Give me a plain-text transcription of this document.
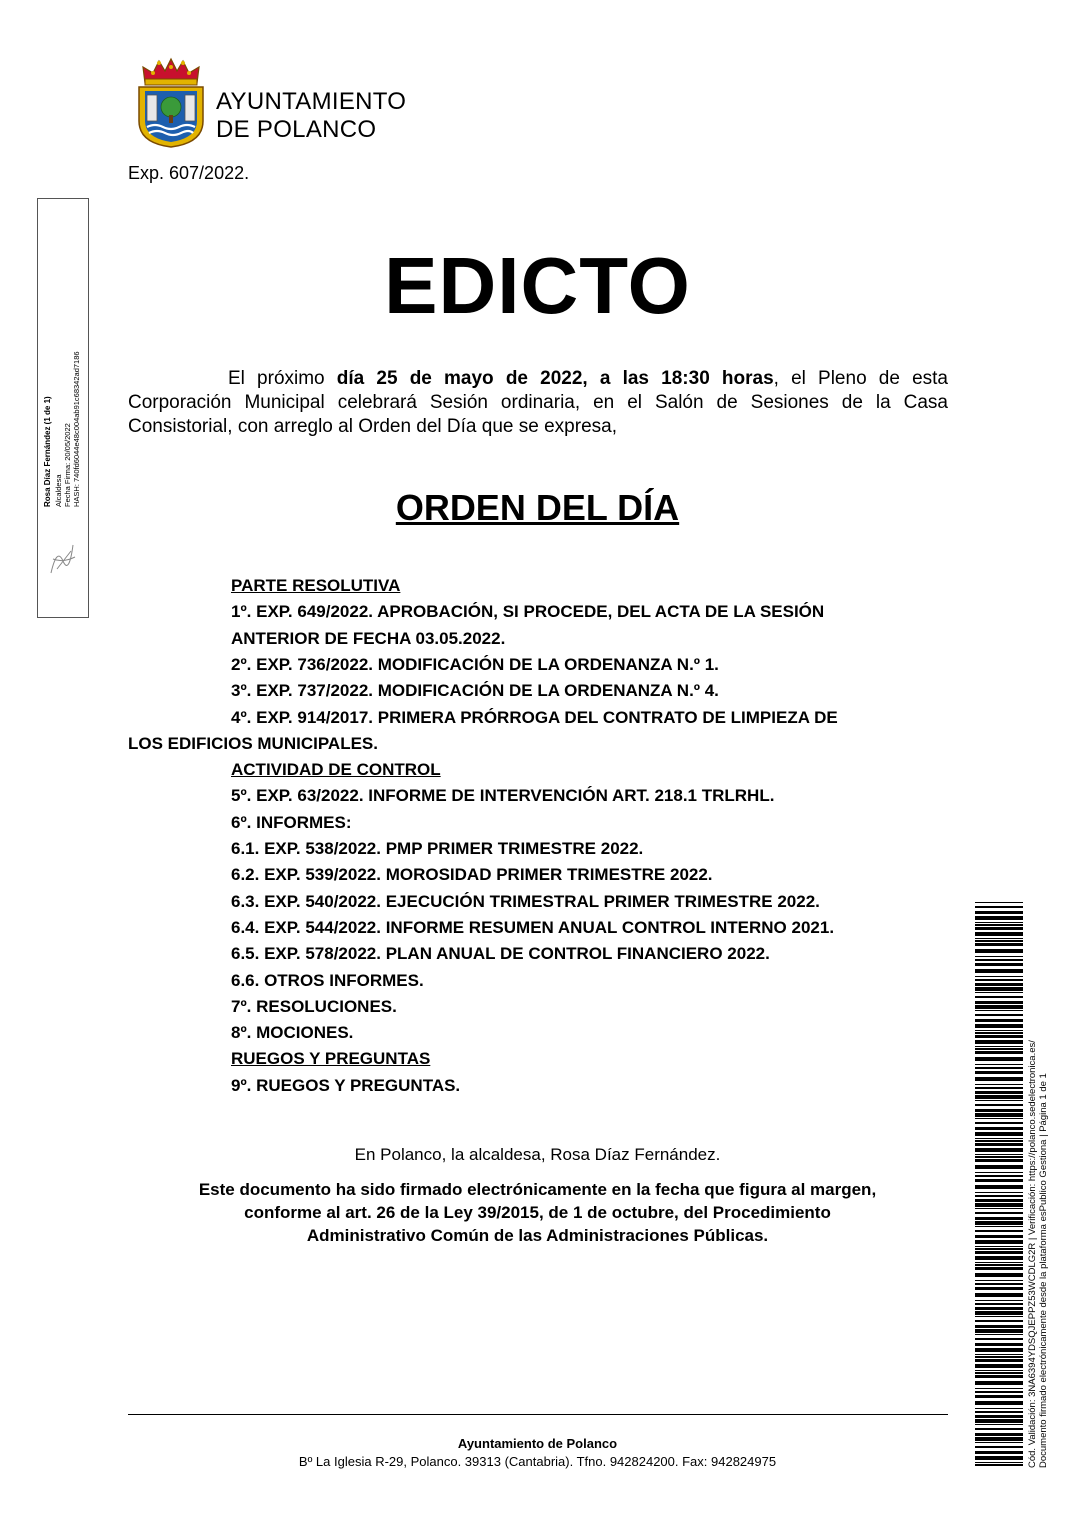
AYUNTAMIENTO
DE POLANCO
Exp. 607/2022.
Rosa Díaz Fernández (1 de 1) Alcaldesa Fecha Firma: 20/05/2022 HASH: 740fd6044e48c004ab91c68342ad7186
EDICTO
El próximo día 25 de mayo de 2022, a las 18:30 horas, el Pleno de esta Corporación Municipal celebrará Sesión ordinaria, en el Salón de Sesiones de la Casa Consistorial, con arreglo al Orden del Día que se expresa,
ORDEN DEL DÍA
PARTE RESOLUTIVA
1º. EXP. 649/2022. APROBACIÓN, SI PROCEDE, DEL ACTA DE LA SESIÓN
ANTERIOR DE FECHA 03.05.2022.
2º. EXP. 736/2022. MODIFICACIÓN DE LA ORDENANZA N.º 1.
3º. EXP. 737/2022. MODIFICACIÓN DE LA ORDENANZA N.º 4.
4º. EXP. 914/2017. PRIMERA PRÓRROGA DEL CONTRATO DE LIMPIEZA DE
LOS EDIFICIOS MUNICIPALES.
ACTIVIDAD DE CONTROL
5º. EXP. 63/2022. INFORME DE INTERVENCIÓN ART. 218.1 TRLRHL.
6º. INFORMES:
6.1. EXP. 538/2022. PMP PRIMER TRIMESTRE 2022.
6.2. EXP. 539/2022. MOROSIDAD PRIMER TRIMESTRE 2022.
6.3. EXP. 540/2022. EJECUCIÓN TRIMESTRAL PRIMER TRIMESTRE 2022.
6.4. EXP. 544/2022. INFORME RESUMEN ANUAL CONTROL INTERNO 2021.
6.5. EXP. 578/2022. PLAN ANUAL DE CONTROL FINANCIERO 2022.
6.6. OTROS INFORMES.
7º. RESOLUCIONES.
8º. MOCIONES.
RUEGOS Y PREGUNTAS
9º. RUEGOS Y PREGUNTAS.
En Polanco, la alcaldesa, Rosa Díaz Fernández.
Este documento ha sido firmado electrónicamente en la fecha que figura al margen,
conforme al art. 26 de la Ley 39/2015, de 1 de octubre, del Procedimiento
Administrativo Común de las Administraciones Públicas.
Ayuntamiento de Polanco
Bº La Iglesia R-29, Polanco. 39313 (Cantabria). Tfno. 942824200. Fax: 942824975	Cód. Validación: 3NA6394YDSQJEPPZ53WCDLG2R | Verificación: https://polanco.sedelectronica.es/ Documento firmado electrónicamente desde la plataforma esPublico Gestiona | Página 1 de 1
